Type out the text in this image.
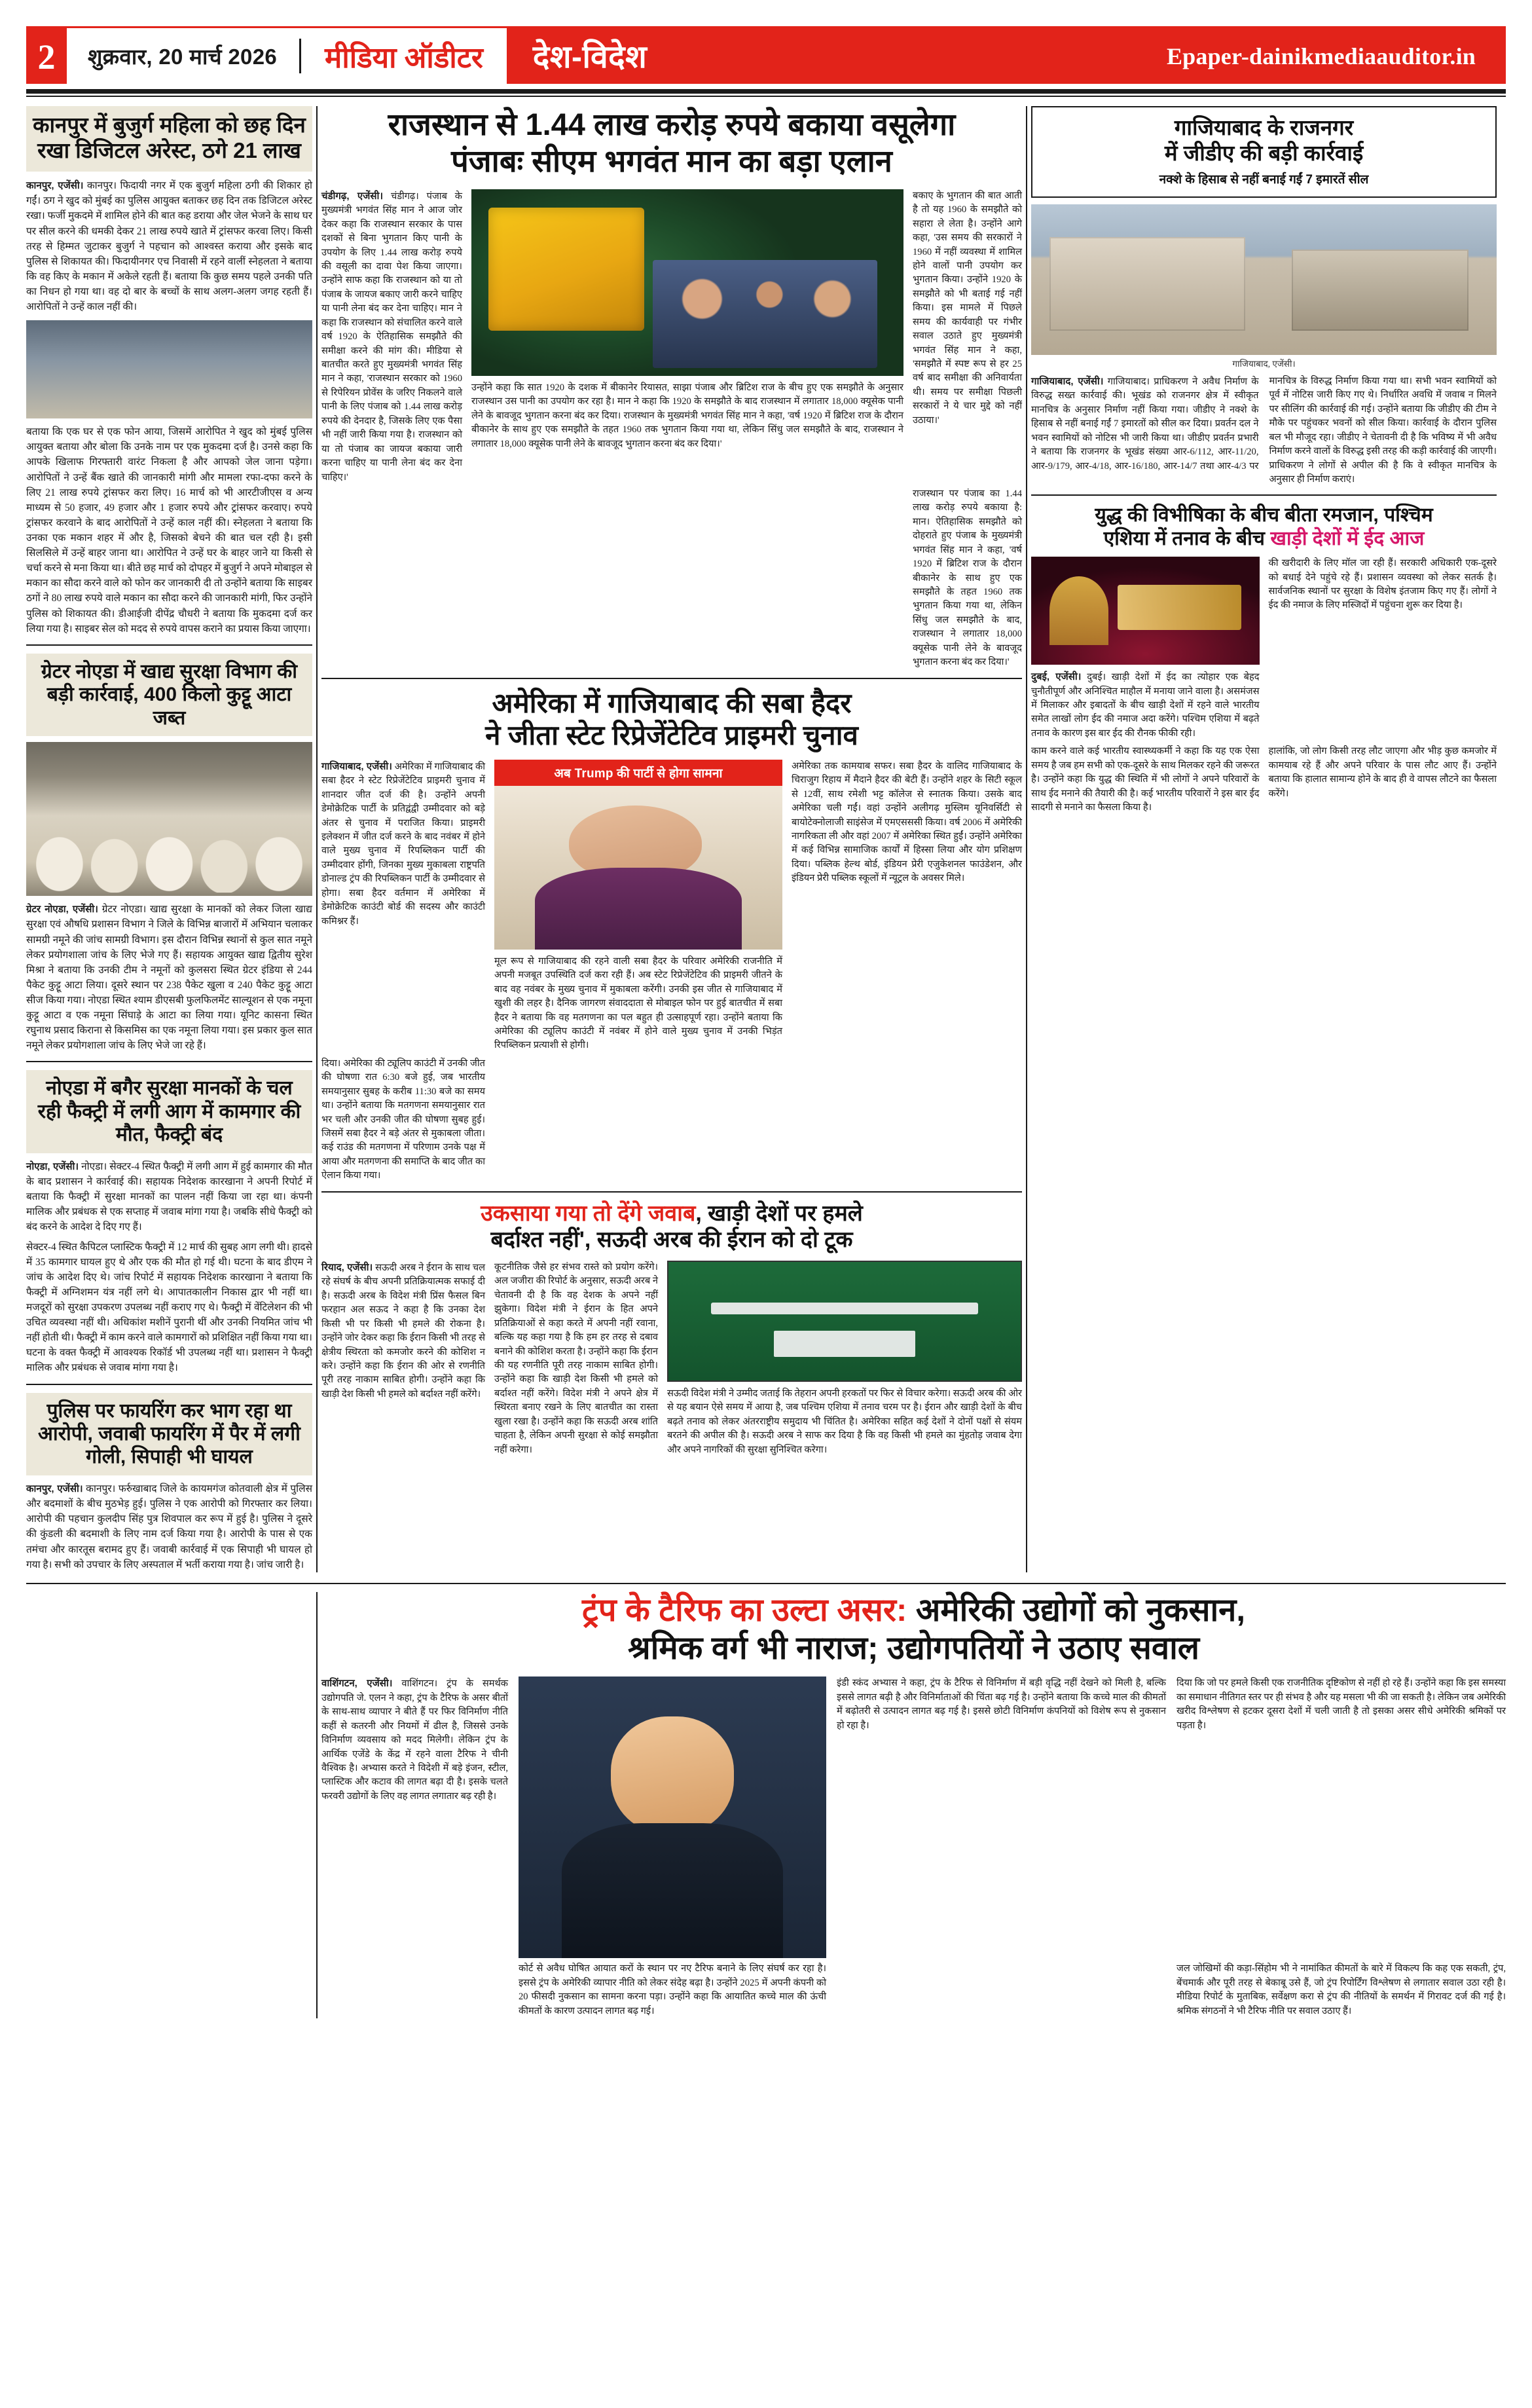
2	शुक्रवार, 20 मार्च 2026	मीडिया ऑडीटर	देश-विदेश	Epaper-dainikmediaauditor.in
कानपुर में बुजुर्ग महिला को छह दिन रखा डिजिटल अरेस्ट, ठगे 21 लाख
कानपुर, एजेंसी। कानपुर। फिदायी नगर में एक बुजुर्ग महिला ठगी की शिकार हो गईं। ठग ने खुद को मुंबई का पुलिस आयुक्त बताकर छह दिन तक डिजिटल अरेस्ट रखा। फर्जी मुकदमे में शामिल होने की बात कह डराया और जेल भेजने के साथ घर पर सील करने की धमकी देकर 21 लाख रुपये खाते में ट्रांसफर करवा लिए। किसी तरह से हिम्मत जुटाकर बुजुर्ग ने पहचान को आश्वस्त कराया और इसके बाद पुलिस से शिकायत की। फिदायीनगर एच निवासी में रहने वालीं स्नेहलता ने बताया कि वह किए के मकान में अकेले रहती हैं। बताया कि कुछ समय पहले उनकी पति का निधन हो गया था। वह दो बार के बच्चों के साथ अलग-अलग जगह रहती हैं। आरोपितों ने उन्हें काल नहीं की।
बताया कि एक घर से एक फोन आया, जिसमें आरोपित ने खुद को मुंबई पुलिस आयुक्त बताया और बोला कि उनके नाम पर एक मुकदमा दर्ज है। उनसे कहा कि आपके खिलाफ गिरफ्तारी वारंट निकला है और आपको जेल जाना पड़ेगा। आरोपितों ने उन्हें बैंक खाते की जानकारी मांगी और मामला रफा-दफा करने के लिए 21 लाख रुपये ट्रांसफर करा लिए। 16 मार्च को भी आरटीजीएस व अन्य माध्यम से 50 हजार, 49 हजार और 1 हजार रुपये और ट्रांसफर करवाए। रुपये ट्रांसफर करवाने के बाद आरोपितों ने उन्हें काल नहीं की। स्नेहलता ने बताया कि उनका एक मकान शहर में और है, जिसको बेचने की बात चल रही है। इसी सिलसिले में उन्हें बाहर जाना था। आरोपित ने उन्हें घर के बाहर जाने या किसी से चर्चा करने से मना किया था। बीते छह मार्च को दोपहर में बुजुर्ग ने अपने मोबाइल से मकान का सौदा करने वाले को फोन कर जानकारी दी तो उन्होंने बताया कि साइबर ठगों ने 80 लाख रुपये वाले मकान का सौदा करने की जानकारी मांगी, फिर उन्होंने पुलिस को शिकायत की। डीआईजी दीपेंद्र चौधरी ने बताया कि मुकदमा दर्ज कर लिया गया है। साइबर सेल को मदद से रुपये वापस कराने का प्रयास किया जाएगा।
ग्रेटर नोएडा में खाद्य सुरक्षा विभाग की बड़ी कार्रवाई, 400 किलो कुट्टू आटा जब्त
ग्रेटर नोएडा, एजेंसी। ग्रेटर नोएडा। खाद्य सुरक्षा के मानकों को लेकर जिला खाद्य सुरक्षा एवं औषधि प्रशासन विभाग ने जिले के विभिन्न बाजारों में अभियान चलाकर सामग्री नमूने की जांच सामग्री विभाग। इस दौरान विभिन्न स्थानों से कुल सात नमूने लेकर प्रयोगशाला जांच के लिए भेजे गए हैं। सहायक आयुक्त खाद्य द्वितीय सुरेश मिश्रा ने बताया कि उनकी टीम ने नमूनों को कुलसरा स्थित ग्रेटर इंडिया से 244 पैकेट कुट्टू आटा लिया। दूसरे स्थान पर 238 पैकेट खुला व 240 पैकेट कुट्टू आटा सीज किया गया। नोएडा स्थित श्याम डीएसबी फुलफिलमेंट साल्यूशन से एक नमूना कुट्टू आटा व एक नमूना सिंघाड़े के आटा का लिया गया। यूनिट कासना स्थित रघुनाथ प्रसाद किराना से किसमिस का एक नमूना लिया गया। इस प्रकार कुल सात नमूने लेकर प्रयोगशाला जांच के लिए भेजे जा रहे हैं।
नोएडा में बगैर सुरक्षा मानकों के चल रही फैक्ट्री में लगी आग में कामगार की मौत, फैक्ट्री बंद
नोएडा, एजेंसी। नोएडा। सेक्टर-4 स्थित फैक्ट्री में लगी आग में हुई कामगार की मौत के बाद प्रशासन ने कार्रवाई की। सहायक निदेशक कारखाना ने अपनी रिपोर्ट में बताया कि फैक्ट्री में सुरक्षा मानकों का पालन नहीं किया जा रहा था। कंपनी मालिक और प्रबंधक से एक सप्ताह में जवाब मांगा गया है। जबकि सीधे फैक्ट्री को बंद करने के आदेश दे दिए गए हैं।
सेक्टर-4 स्थित कैपिटल प्लास्टिक फैक्ट्री में 12 मार्च की सुबह आग लगी थी। हादसे में 35 कामगार घायल हुए थे और एक की मौत हो गई थी। घटना के बाद डीएम ने जांच के आदेश दिए थे। जांच रिपोर्ट में सहायक निदेशक कारखाना ने बताया कि फैक्ट्री में अग्निशमन यंत्र नहीं लगे थे। आपातकालीन निकास द्वार भी नहीं था। मजदूरों को सुरक्षा उपकरण उपलब्ध नहीं कराए गए थे। फैक्ट्री में वेंटिलेशन की भी उचित व्यवस्था नहीं थी। अधिकांश मशीनें पुरानी थीं और उनकी नियमित जांच भी नहीं होती थी। फैक्ट्री में काम करने वाले कामगारों को प्रशिक्षित नहीं किया गया था। घटना के वक्त फैक्ट्री में आवश्यक रिकॉर्ड भी उपलब्ध नहीं था। प्रशासन ने फैक्ट्री मालिक और प्रबंधक से जवाब मांगा गया है।
पुलिस पर फायरिंग कर भाग रहा था आरोपी, जवाबी फायरिंग में पैर में लगी गोली, सिपाही भी घायल
कानपुर, एजेंसी। कानपुर। फर्रुखाबाद जिले के कायमगंज कोतवाली क्षेत्र में पुलिस और बदमाशों के बीच मुठभेड़ हुई। पुलिस ने एक आरोपी को गिरफ्तार कर लिया। आरोपी की पहचान कुलदीप सिंह पुत्र शिवपाल कर रूप में हुई है। पुलिस ने दूसरे की कुंडली की बदमाशी के लिए नाम दर्ज किया गया है। आरोपी के पास से एक तमंचा और कारतूस बरामद हुए हैं। जवाबी कार्रवाई में एक सिपाही भी घायल हो गया है। सभी को उपचार के लिए अस्पताल में भर्ती कराया गया है। जांच जारी है।
राजस्थान से 1.44 लाख करोड़ रुपये बकाया वसूलेगा
पंजाबः सीएम भगवंत मान का बड़ा एलान
चंडीगढ़, एजेंसी। चंडीगढ़। पंजाब के मुख्यमंत्री भगवंत सिंह मान ने आज जोर देकर कहा कि राजस्थान सरकार के पास दशकों से बिना भुगतान किए पानी के उपयोग के लिए 1.44 लाख करोड़ रुपये की वसूली का दावा पेश किया जाएगा। उन्होंने साफ कहा कि राजस्थान को या तो पंजाब के जायज बकाए जारी करने चाहिए या पानी लेना बंद कर देना चाहिए। मान ने कहा कि राजस्थान को संचालित करने वाले वर्ष 1920 के ऐतिहासिक समझौते की समीक्षा करने की मांग की। मीडिया से बातचीत करते हुए मुख्यमंत्री भगवंत सिंह मान ने कहा, 'राजस्थान सरकार को 1960 से रिपेरियन प्रोवेंस के जरिए निकलने वाले पानी के लिए पंजाब को 1.44 लाख करोड़ रुपये की देनदार है, जिसके लिए एक पैसा भी नहीं जारी किया गया है। राजस्थान को या तो पंजाब का जायज बकाया जारी करना चाहिए या पानी लेना बंद कर देना चाहिए।'
उन्होंने कहा कि सात 1920 के दशक में बीकानेर रियासत, साझा पंजाब और ब्रिटिश राज के बीच हुए एक समझौते के अनुसार राजस्थान उस पानी का उपयोग कर रहा है। मान ने कहा कि 1920 के समझौते के बाद राजस्थान में लगातार 18,000 क्यूसेक पानी लेने के बावजूद भुगतान करना बंद कर दिया। राजस्थान के मुख्यमंत्री भगवंत सिंह मान ने कहा, 'वर्ष 1920 में ब्रिटिश राज के दौरान बीकानेर के साथ हुए एक समझौते के तहत 1960 तक भुगतान किया गया था, लेकिन सिंधु जल समझौते के बाद, राजस्थान ने लगातार 18,000 क्यूसेक पानी लेने के बावजूद भुगतान करना बंद कर दिया।'
बकाए के भुगतान की बात आती है तो यह 1960 के समझौते को सहारा ले लेता है। उन्होंने आगे कहा, 'उस समय की सरकारों ने 1960 में नहीं व्यवस्था में शामिल होने वालों पानी उपयोग कर भुगतान किया। उन्होंने 1920 के समझौते को भी बताई गई नहीं किया। इस मामले में पिछले समय की कार्यवाही पर गंभीर सवाल उठाते हुए मुख्यमंत्री भगवंत सिंह मान ने कहा, 'समझौते में स्पष्ट रूप से हर 25 वर्ष बाद समीक्षा की अनिवार्यता थी। समय पर समीक्षा पिछली सरकारों ने ये चार मुद्दे को नहीं उठाया।'
राजस्थान पर पंजाब का 1.44 लाख करोड़ रुपये बकाया है: मान। ऐतिहासिक समझौते को दोहराते हुए पंजाब के मुख्यमंत्री भगवंत सिंह मान ने कहा, 'वर्ष 1920 में ब्रिटिश राज के दौरान बीकानेर के साथ हुए एक समझौते के तहत 1960 तक भुगतान किया गया था, लेकिन सिंधु जल समझौते के बाद, राजस्थान ने लगातार 18,000 क्यूसेक पानी लेने के बावजूद भुगतान करना बंद कर दिया।'
अमेरिका में गाजियाबाद की सबा हैदर
ने जीता स्टेट रिप्रेजेंटेटिव प्राइमरी चुनाव
गाजियाबाद, एजेंसी। अमेरिका में गाजियाबाद की सबा हैदर ने स्टेट रिप्रेजेंटेटिव प्राइमरी चुनाव में शानदार जीत दर्ज की है। उन्होंने अपनी डेमोक्रेटिक पार्टी के प्रतिद्वंद्वी उम्मीदवार को बड़े अंतर से चुनाव में पराजित किया। प्राइमरी इलेक्शन में जीत दर्ज करने के बाद नवंबर में होने वाले मुख्य चुनाव में रिपब्लिकन पार्टी की उम्मीदवार होंगी, जिनका मुख्य मुकाबला राष्ट्रपति डोनाल्ड ट्रंप की रिपब्लिकन पार्टी के उम्मीदवार से होगा। सबा हैदर वर्तमान में अमेरिका में डेमोक्रेटिक काउंटी बोर्ड की सदस्य और काउंटी कमिश्नर हैं।
अब Trump की पार्टी से होगा सामना
मूल रूप से गाजियाबाद की रहने वाली सबा हैदर के परिवार अमेरिकी राजनीति में अपनी मजबूत उपस्थिति दर्ज करा रही हैं। अब स्टेट रिप्रेजेंटेटिव की प्राइमरी जीतने के बाद वह नवंबर के मुख्य चुनाव में मुकाबला करेंगी। उनकी इस जीत से गाजियाबाद में खुशी की लहर है। दैनिक जागरण संवाददाता से मोबाइल फोन पर हुई बातचीत में सबा हैदर ने बताया कि वह मतगणना का पल बहुत ही उत्साहपूर्ण रहा। उन्होंने बताया कि अमेरिका की ट्यूलिप काउंटी में नवंबर में होने वाले मुख्य चुनाव में उनकी भिड़ंत रिपब्लिकन प्रत्याशी से होगी।
अमेरिका तक कामयाब सफर। सबा हैदर के वालिद गाजियाबाद के चिराजुग रिहाय में मैदाने हैदर की बेटी हैं। उन्होंने शहर के सिटी स्कूल से 12वीं, साथ रमेशी भट्ट कॉलेज से स्नातक किया। उसके बाद अमेरिका चली गईं। वहां उन्होंने अलीगढ़ मुस्लिम यूनिवर्सिटी से बायोटेक्नोलाजी साइंसेज में एमएसससी किया। वर्ष 2006 में अमेरिकी नागरिकता ली और वहां 2007 में अमेरिका स्थित हुईं। उन्होंने अमेरिका में कई विभिन्न सामाजिक कार्यों में हिस्सा लिया और योग प्रशिक्षण दिया। पब्लिक हेल्थ बोर्ड, इंडियन प्रेरी एजुकेशनल फाउंडेशन, और इंडियन प्रेरी पब्लिक स्कूलों में न्यूट्रल के अवसर मिले।
दिया। अमेरिका की ट्यूलिप काउंटी में उनकी जीत की घोषणा रात 6:30 बजे हुई, जब भारतीय समयानुसार सुबह के करीब 11:30 बजे का समय था। उन्होंने बताया कि मतगणना समयानुसार रात भर चली और उनकी जीत की घोषणा सुबह हुई। जिसमें सबा हैदर ने बड़े अंतर से मुकाबला जीता। कई राउंड की मतगणना में परिणाम उनके पक्ष में आया और मतगणना की समाप्ति के बाद जीत का ऐलान किया गया।
उकसाया गया तो देंगे जवाब, खाड़ी देशों पर हमले
बर्दाश्त नहीं', सऊदी अरब की ईरान को दो टूक
रियाद, एजेंसी। सऊदी अरब ने ईरान के साथ चल रहे संघर्ष के बीच अपनी प्रतिक्रियात्मक सफाई दी है। सऊदी अरब के विदेश मंत्री प्रिंस फैसल बिन फरहान अल सऊद ने कहा है कि उनका देश किसी भी पर किसी भी हमले की रोकना है। उन्होंने जोर देकर कहा कि ईरान किसी भी तरह से क्षेत्रीय स्थिरता को कमजोर करने की कोशिश न करे। उन्होंने कहा कि ईरान की ओर से रणनीति पूरी तरह नाकाम साबित होगी। उन्होंने कहा कि खाड़ी देश किसी भी हमले को बर्दाश्त नहीं करेंगे।
कूटनीतिक जैसे हर संभव रास्ते को प्रयोग करेंगे। अल जजीरा की रिपोर्ट के अनुसार, सऊदी अरब ने चेतावनी दी है कि वह देशक के अपने नहीं झुकेगा। विदेश मंत्री ने ईरान के हित अपने प्रतिक्रियाओं से कहा करते में अपनी नहीं रवाना, बल्कि यह कहा गया है कि हम हर तरह से दबाव बनाने की कोशिश करता है। उन्होंने कहा कि ईरान की यह रणनीति पूरी तरह नाकाम साबित होगी। उन्होंने कहा कि खाड़ी देश किसी भी हमले को बर्दाश्त नहीं करेंगे। विदेश मंत्री ने अपने क्षेत्र में स्थिरता बनाए रखने के लिए बातचीत का रास्ता खुला रखा है। उन्होंने कहा कि सऊदी अरब शांति चाहता है, लेकिन अपनी सुरक्षा से कोई समझौता नहीं करेगा।
सऊदी विदेश मंत्री ने उम्मीद जताई कि तेहरान अपनी हरकतों पर फिर से विचार करेगा। सऊदी अरब की ओर से यह बयान ऐसे समय में आया है, जब पश्चिम एशिया में तनाव चरम पर है। ईरान और खाड़ी देशों के बीच बढ़ते तनाव को लेकर अंतरराष्ट्रीय समुदाय भी चिंतित है। अमेरिका सहित कई देशों ने दोनों पक्षों से संयम बरतने की अपील की है। सऊदी अरब ने साफ कर दिया है कि वह किसी भी हमले का मुंहतोड़ जवाब देगा और अपने नागरिकों की सुरक्षा सुनिश्चित करेगा।
गाजियाबाद के राजनगर
में जीडीए की बड़ी कार्रवाई
नक्शे के हिसाब से नहीं बनाई गईं 7 इमारतें सील
गाजियाबाद, एजेंसी।
गाजियाबाद, एजेंसी। गाजियाबाद। प्राधिकरण ने अवैध निर्माण के विरुद्ध सख्त कार्रवाई की। भूखंड को राजनगर क्षेत्र में स्वीकृत मानचित्र के अनुसार निर्माण नहीं किया गया। जीडीए ने नक्शे के हिसाब से नहीं बनाई गईं 7 इमारतों को सील कर दिया। प्रवर्तन दल ने भवन स्वामियों को नोटिस भी जारी किया था। जीडीए प्रवर्तन प्रभारी ने बताया कि राजनगर के भूखंड संख्या आर-6/112, आर-11/20, आर-9/179, आर-4/18, आर-16/180, आर-14/7 तथा आर-4/3 पर मानचित्र के विरुद्ध निर्माण किया गया था। सभी भवन स्वामियों को पूर्व में नोटिस जारी किए गए थे। निर्धारित अवधि में जवाब न मिलने पर सीलिंग की कार्रवाई की गई। उन्होंने बताया कि जीडीए की टीम ने मौके पर पहुंचकर भवनों को सील किया। कार्रवाई के दौरान पुलिस बल भी मौजूद रहा। जीडीए ने चेतावनी दी है कि भविष्य में भी अवैध निर्माण करने वालों के विरुद्ध इसी तरह की कड़ी कार्रवाई की जाएगी। प्राधिकरण ने लोगों से अपील की है कि वे स्वीकृत मानचित्र के अनुसार ही निर्माण कराएं।
युद्ध की विभीषिका के बीच बीता रमजान, पश्चिम
एशिया में तनाव के बीच खाड़ी देशों में ईद आज
दुबई, एजेंसी। दुबई। खाड़ी देशों में ईद का त्योहार एक बेहद चुनौतीपूर्ण और अनिश्चित माहौल में मनाया जाने वाला है। असमंजस में मिलाकर और इबादतों के बीच खाड़ी देशों में रहने वाले भारतीय समेत लाखों लोग ईद की नमाज अदा करेंगे। पश्चिम एशिया में बढ़ते तनाव के कारण इस बार ईद की रौनक फीकी रही।
की खरीदारी के लिए मॉल जा रही हैं। सरकारी अधिकारी एक-दूसरे को बधाई देने पहुंचे रहे हैं। प्रशासन व्यवस्था को लेकर सतर्क है। सार्वजनिक स्थानों पर सुरक्षा के विशेष इंतजाम किए गए हैं। लोगों ने ईद की नमाज के लिए मस्जिदों में पहुंचना शुरू कर दिया है।
काम करने वाले कई भारतीय स्वास्थ्यकर्मी ने कहा कि यह एक ऐसा समय है जब हम सभी को एक-दूसरे के साथ मिलकर रहने की जरूरत है। उन्होंने कहा कि युद्ध की स्थिति में भी लोगों ने अपने परिवारों के साथ ईद मनाने की तैयारी की है। कई भारतीय परिवारों ने इस बार ईद सादगी से मनाने का फैसला किया है।
हालांकि, जो लोग किसी तरह लौट जाएगा और भीड़ कुछ कमजोर में कामयाब रहे हैं और अपने परिवार के पास लौट आए हैं। उन्होंने बताया कि हालात सामान्य होने के बाद ही वे वापस लौटने का फैसला करेंगे।
ट्रंप के टैरिफ का उल्टा असर: अमेरिकी उद्योगों को नुकसान,
श्रमिक वर्ग भी नाराज; उद्योगपतियों ने उठाए सवाल
वाशिंगटन, एजेंसी। वाशिंगटन। ट्रंप के समर्थक उद्योगपति जे. एलन ने कहा, ट्रंप के टैरिफ के असर बीतों के साथ-साथ व्यापार ने बीते हैं पर फिर विनिर्माण नीति कहीं से कतरनी और नियमों में ढील है, जिससे उनके विनिर्माण व्यवसाय को मदद मिलेगी। लेकिन ट्रंप के आर्थिक एजेंडे के केंद्र में रहने वाला टैरिफ ने चीनी वैश्विक है। अभ्यास करते ने विदेशी में बड़े इंजन, स्टील, प्लास्टिक और कटाव की लागत बढ़ा दी है। इसके चलते फरवरी उद्योगों के लिए वह लागत लगातार बढ़ रही है।
इंडी स्कंद अभ्यास ने कहा, ट्रंप के टैरिफ से विनिर्माण में बड़ी वृद्धि नहीं देखने को मिली है, बल्कि इससे लागत बढ़ी है और विनिर्माताओं की चिंता बढ़ गई है। उन्होंने बताया कि कच्चे माल की कीमतों में बढ़ोतरी से उत्पादन लागत बढ़ गई है। इससे छोटी विनिर्माण कंपनियों को विशेष रूप से नुकसान हो रहा है।
दिया कि जो पर हमले किसी एक राजनीतिक दृष्टिकोण से नहीं हो रहे हैं। उन्होंने कहा कि इस समस्या का समाधान नीतिगत स्तर पर ही संभव है और यह मसला भी की जा सकती है। लेकिन जब अमेरिकी खरीद विश्लेषण से हटकर दूसरा देशों में चली जाती है तो इसका असर सीधे अमेरिकी श्रमिकों पर पड़ता है।
कोर्ट से अवैध घोषित आयात करों के स्थान पर नए टैरिफ बनाने के लिए संघर्ष कर रहा है। इससे ट्रंप के अमेरिकी व्यापार नीति को लेकर संदेह बढ़ा है। उन्होंने 2025 में अपनी कंपनी को 20 फीसदी नुकसान का सामना करना पड़ा। उन्होंने कहा कि आयातित कच्चे माल की ऊंची कीमतों के कारण उत्पादन लागत बढ़ गई।
जल जोखिमों की कड़ा-सिंहोम भी ने नामांकित कीमतों के बारे में विकल्प कि कह एक सकती, ट्रंप, बेंचमार्क और पूरी तरह से बेकाबू उसे हैं, जो ट्रंप रिपोर्टिंग विश्लेषण से लगातार सवाल उठा रही है। मीडिया रिपोर्ट के मुताबिक, सर्वेक्षण करा से ट्रंप की नीतियों के समर्थन में गिरावट दर्ज की गई है। श्रमिक संगठनों ने भी टैरिफ नीति पर सवाल उठाए हैं।
